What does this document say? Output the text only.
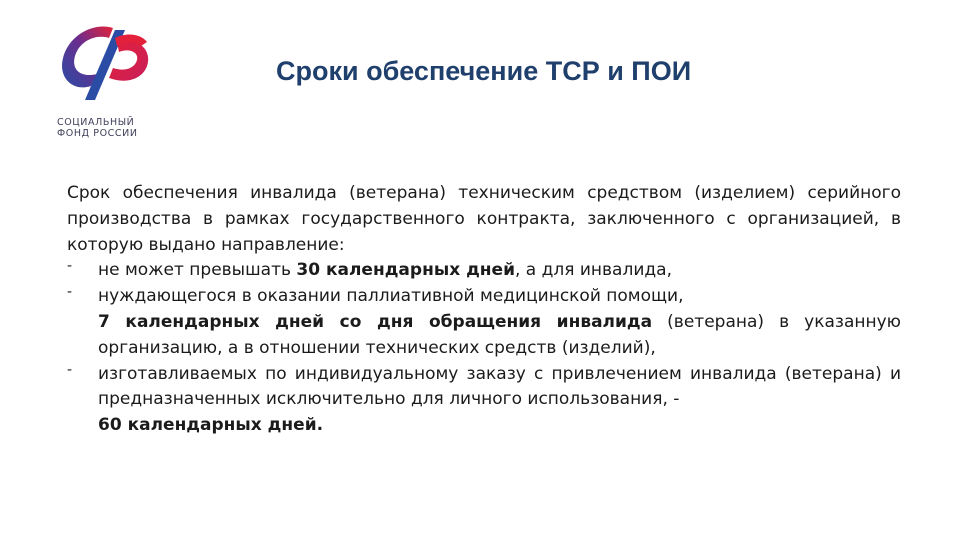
СОЦИАЛЬНЫЙ
ФОНД РОССИИ
Сроки обеспечение ТСР и ПОИ
Срок обеспечения инвалида (ветерана) техническим средством (изделием) серийного производства в рамках государственного контракта, заключенного с организацией, в которую выдано направление:
- не может превышать 30 календарных дней, а для инвалида,
- нуждающегося в оказании паллиативной медицинской помощи,
7 календарных дней со дня обращения инвалида (ветерана) в указанную организацию, а в отношении технических средств (изделий),
- изготавливаемых по индивидуальному заказу с привлечением инвалида (ветерана) и предназначенных исключительно для личного использования, -
60 календарных дней.
